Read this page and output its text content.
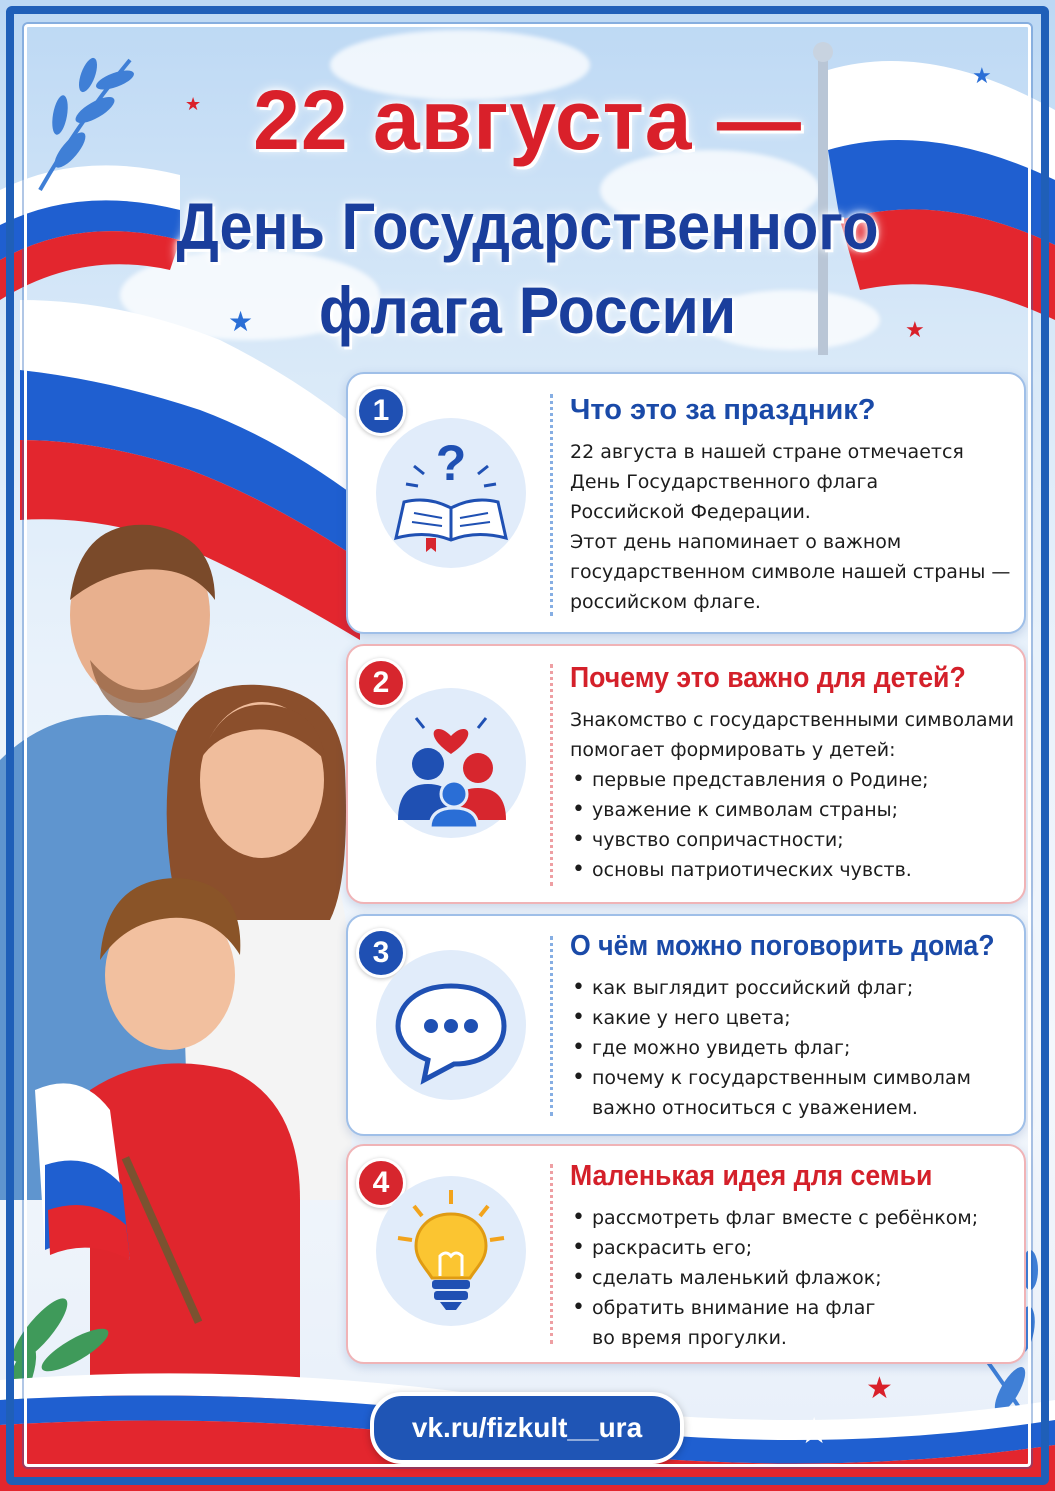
★
★
★
★
★
★
22 августа —
День Государственного
флага России
1
?
Что это за праздник?
22 августа в нашей стране отмечается
День Государственного флага
Российской Федерации.
Этот день напоминает о важном
государственном символе нашей страны —
российском флаге.
2	Почему это важно для детей?
Знакомство с государственными символами
помогает формировать у детей:
• первые представления о Родине;
• уважение к символам страны;
• чувство сопричастности;
• основы патриотических чувств.
3	О чём можно поговорить дома?
• как выглядит российский флаг;
• какие у него цвета;
• где можно увидеть флаг;
• почему к государственным символам
важно относиться с уважением.
4	Маленькая идея для семьи
• рассмотреть флаг вместе с ребёнком;
• раскрасить его;
• сделать маленький флажок;
• обратить внимание на флаг
во время прогулки.
vk.ru/fizkult__ura
